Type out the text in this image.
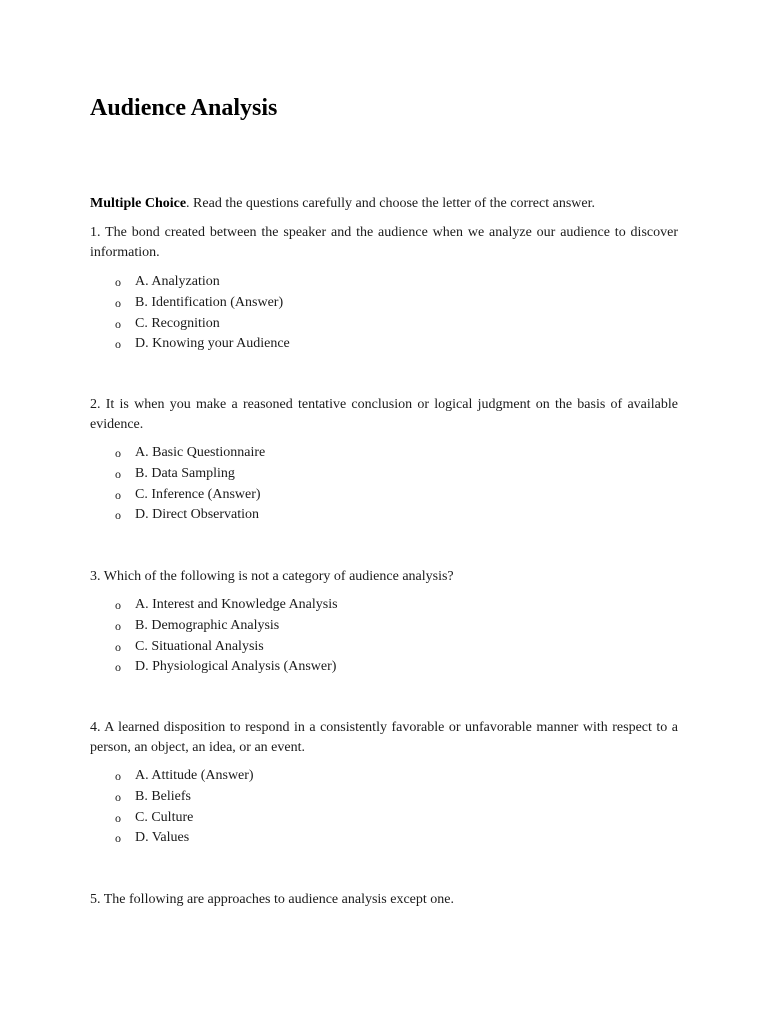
Audience Analysis

Multiple Choice. Read the questions carefully and choose the letter of the correct answer.

1. The bond created between the speaker and the audience when we analyze our audience to discover information.

o A. Analyzation
o B. Identification (Answer)
o C. Recognition
o D. Knowing your Audience

2. It is when you make a reasoned tentative conclusion or logical judgment on the basis of available evidence.

o A. Basic Questionnaire
o B. Data Sampling
o C. Inference (Answer)
o D. Direct Observation

3. Which of the following is not a category of audience analysis?

o A. Interest and Knowledge Analysis
o B. Demographic Analysis
o C. Situational Analysis
o D. Physiological Analysis (Answer)

4. A learned disposition to respond in a consistently favorable or unfavorable manner with respect to a person, an object, an idea, or an event.

o A. Attitude (Answer)
o B. Beliefs
o C. Culture
o D. Values

5. The following are approaches to audience analysis except one.
